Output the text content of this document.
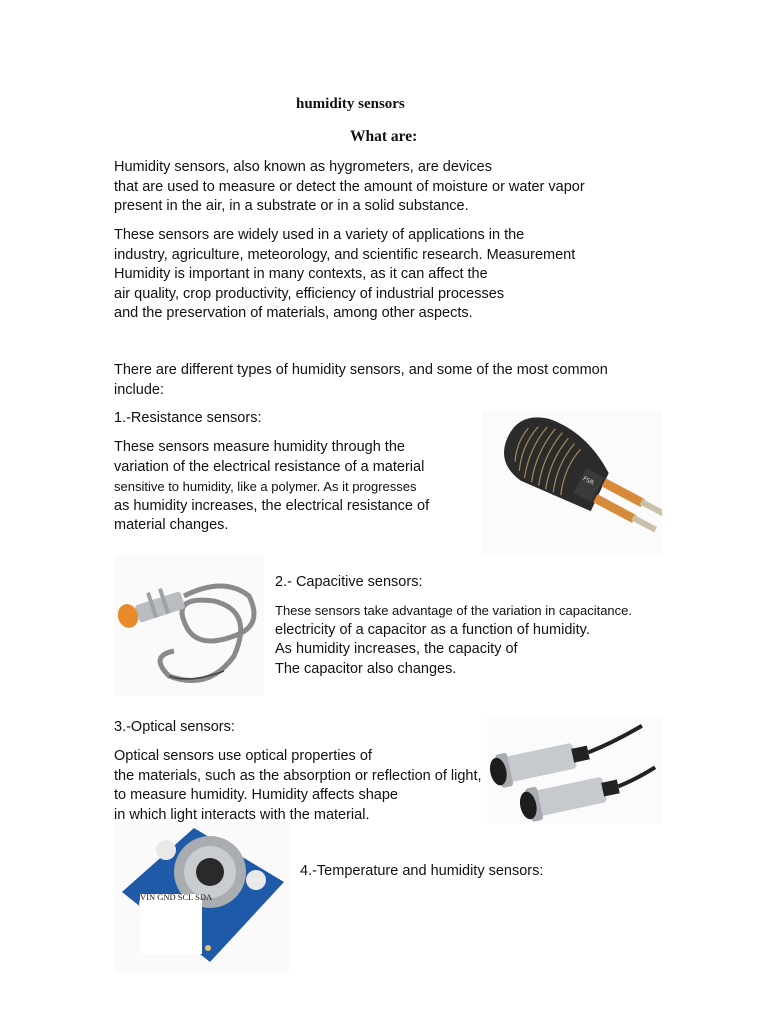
humidity sensors
What are:
Humidity sensors, also known as hygrometers, are devices
that are used to measure or detect the amount of moisture or water vapor
present in the air, in a substrate or in a solid substance.
These sensors are widely used in a variety of applications in the
industry, agriculture, meteorology, and scientific research. Measurement
Humidity is important in many contexts, as it can affect the
air quality, crop productivity, efficiency of industrial processes
and the preservation of materials, among other aspects.
There are different types of humidity sensors, and some of the most common
include:
1.-Resistance sensors:
These sensors measure humidity through the
variation of the electrical resistance of a material
sensitive to humidity, like a polymer. As it progresses
as humidity increases, the electrical resistance of
material changes.
FSR
2.- Capacitive sensors:
These sensors take advantage of the variation in capacitance.
electricity of a capacitor as a function of humidity.
As humidity increases, the capacity of
The capacitor also changes.
3.-Optical sensors:
Optical sensors use optical properties of
the materials, such as the absorption or reflection of light,
to measure humidity. Humidity affects shape
in which light interacts with the material.
VIN GND SCL SDA
4.-Temperature and humidity sensors:
